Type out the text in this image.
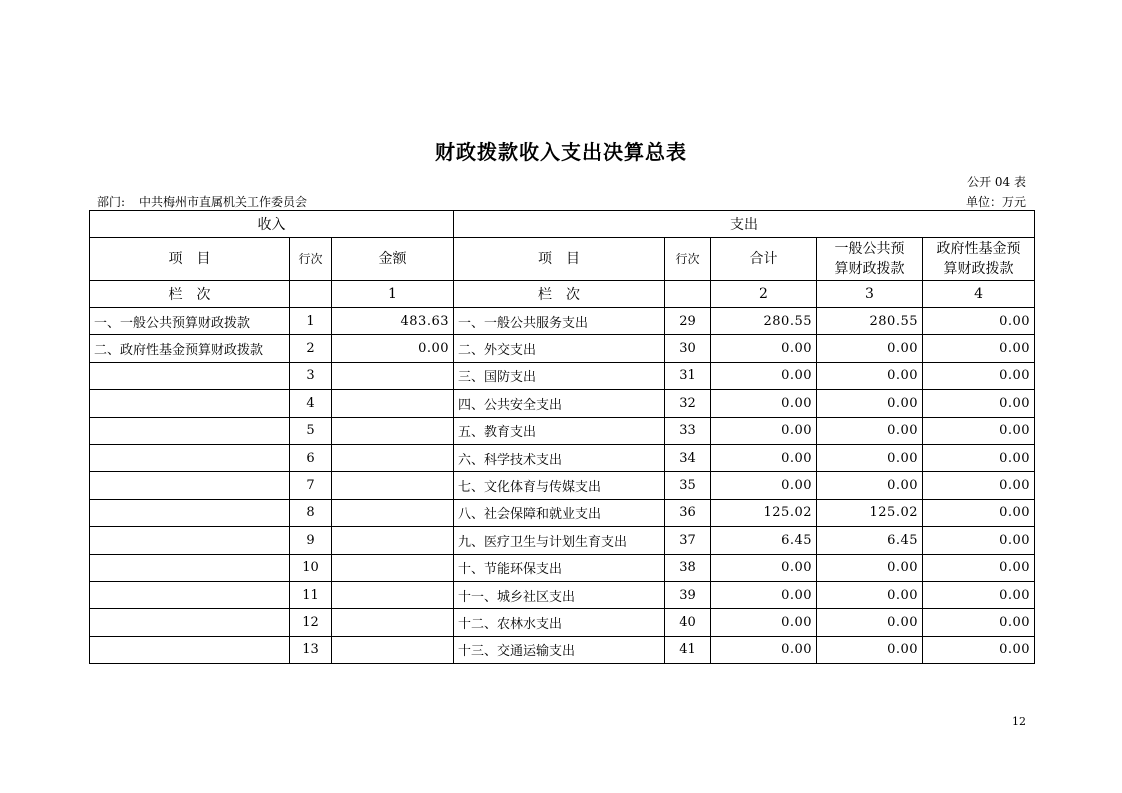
财政拨款收入支出决算总表
公开 04 表
部门: 中共梅州市直属机关工作委员会	单位：万元
收入			支出				
项　目	行次	金额	项　目	行次	合计	一般公共预
算财政拨款	政府性基金预
算财政拨款

栏　次		1	栏　次		2	3	4
一、一般公共预算财政拨款	1	483.63	一、一般公共服务支出	29	280.55	280.55	0.00
二、政府性基金预算财政拨款	2	0.00	二、外交支出	30	0.00	0.00	0.00
	3		三、国防支出	31	0.00	0.00	0.00
	4		四、公共安全支出	32	0.00	0.00	0.00
	5		五、教育支出	33	0.00	0.00	0.00
	6		六、科学技术支出	34	0.00	0.00	0.00
	7		七、文化体育与传媒支出	35	0.00	0.00	0.00
	8		八、社会保障和就业支出	36	125.02	125.02	0.00
	9		九、医疗卫生与计划生育支出	37	6.45	6.45	0.00
	10		十、节能环保支出	38	0.00	0.00	0.00
	11		十一、城乡社区支出	39	0.00	0.00	0.00
	12		十二、农林水支出	40	0.00	0.00	0.00
	13		十三、交通运输支出	41	0.00	0.00	0.00
12
